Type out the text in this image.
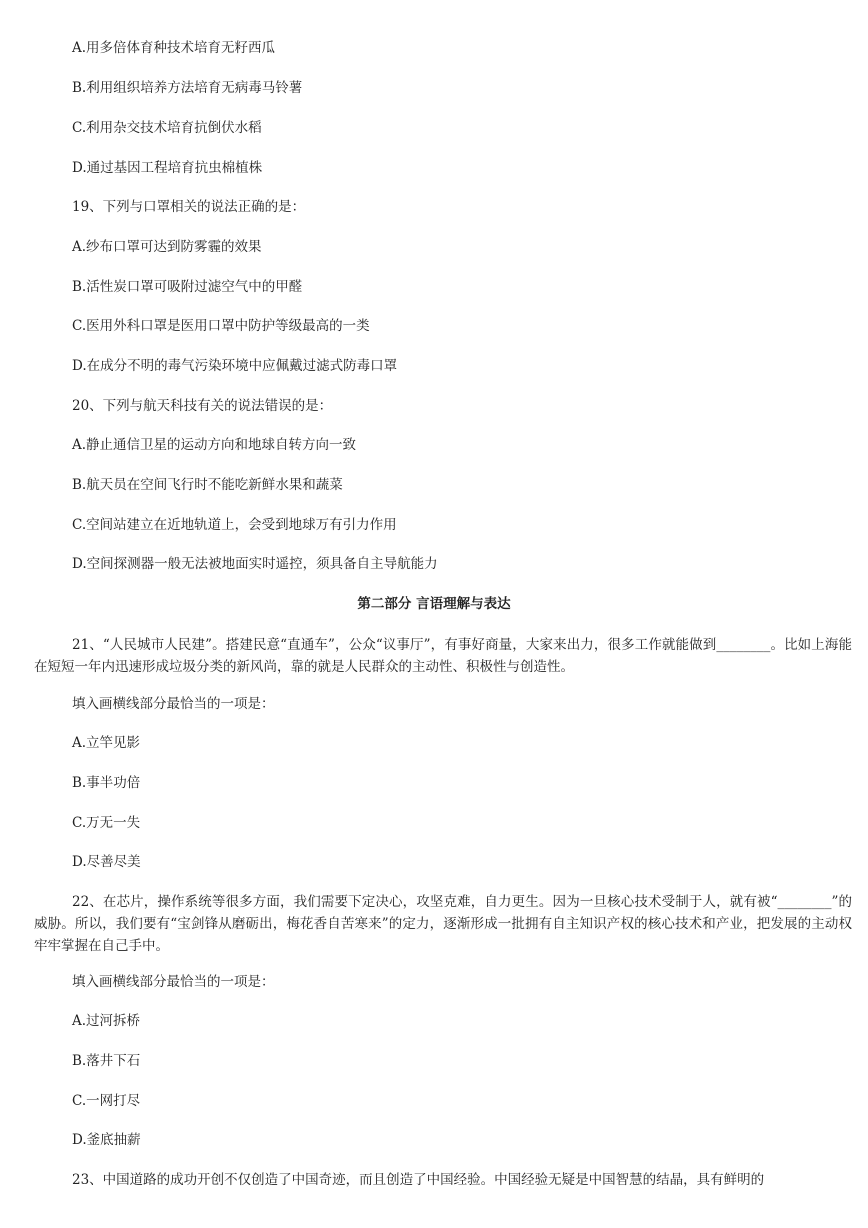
A.用多倍体育种技术培育无籽西瓜
B.利用组织培养方法培育无病毒马铃薯
C.利用杂交技术培育抗倒伏水稻
D.通过基因工程培育抗虫棉植株
19、下列与口罩相关的说法正确的是：
A.纱布口罩可达到防雾霾的效果
B.活性炭口罩可吸附过滤空气中的甲醛
C.医用外科口罩是医用口罩中防护等级最高的一类
D.在成分不明的毒气污染环境中应佩戴过滤式防毒口罩
20、下列与航天科技有关的说法错误的是：
A.静止通信卫星的运动方向和地球自转方向一致
B.航天员在空间飞行时不能吃新鲜水果和蔬菜
C.空间站建立在近地轨道上，会受到地球万有引力作用
D.空间探测器一般无法被地面实时遥控，须具备自主导航能力
第二部分 言语理解与表达
21、“人民城市人民建”。搭建民意“直通车”，公众“议事厅”，有事好商量，大家来出力，很多工作就能做到________。比如上海能在短短一年内迅速形成垃圾分类的新风尚，靠的就是人民群众的主动性、积极性与创造性。
填入画横线部分最恰当的一项是：
A.立竿见影
B.事半功倍
C.万无一失
D.尽善尽美
22、在芯片，操作系统等很多方面，我们需要下定决心，攻坚克难，自力更生。因为一旦核心技术受制于人，就有被“________”的威胁。所以，我们要有“宝剑锋从磨砺出，梅花香自苦寒来”的定力，逐渐形成一批拥有自主知识产权的核心技术和产业，把发展的主动权牢牢掌握在自己手中。
填入画横线部分最恰当的一项是：
A.过河拆桥
B.落井下石
C.一网打尽
D.釜底抽薪
23、中国道路的成功开创不仅创造了中国奇迹，而且创造了中国经验。中国经验无疑是中国智慧的结晶，具有鲜明的
